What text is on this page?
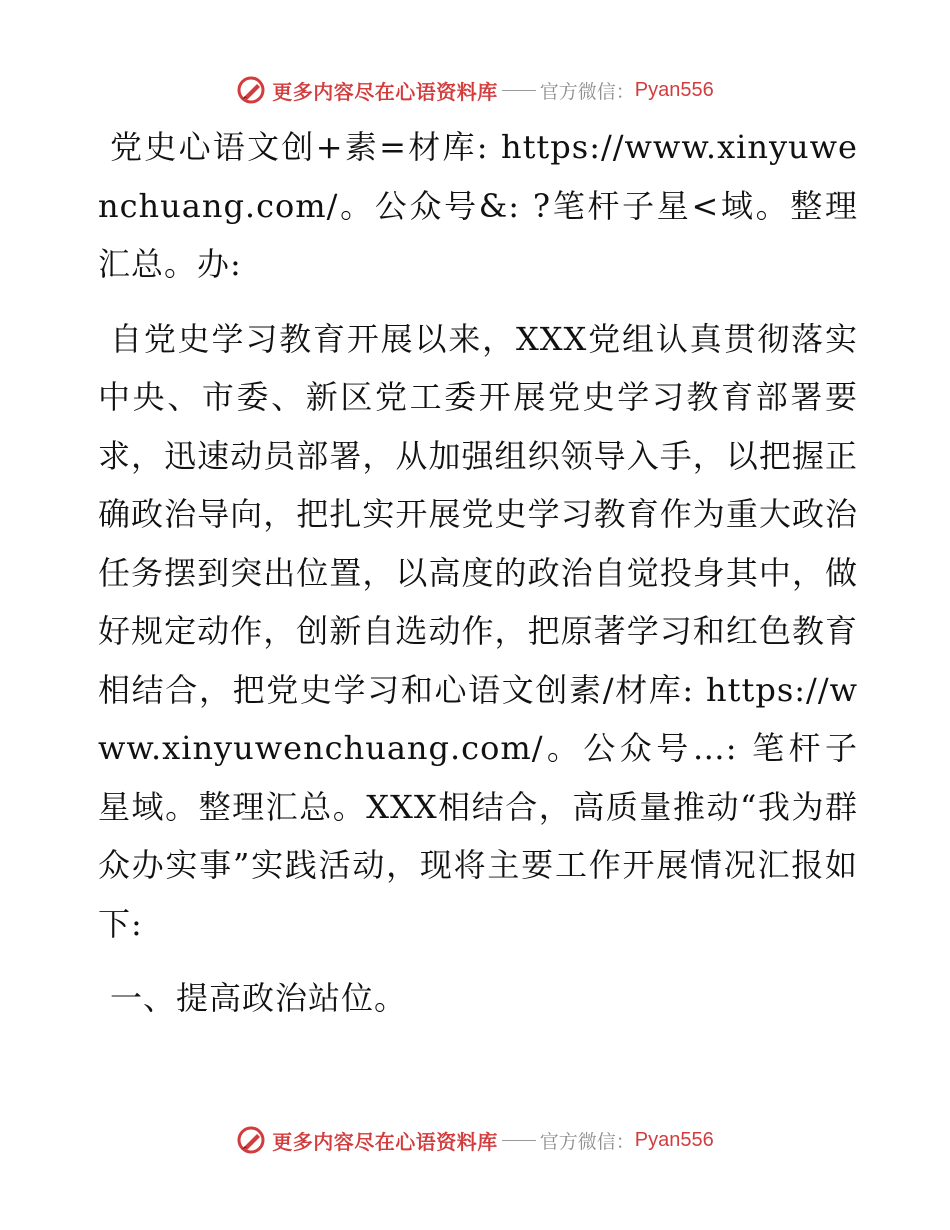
更多内容尽在心语资料库 官方微信： Pyan556

党史心语文创+素=材库: https://www.xinyuwenchuang.com/。公众号&: ?笔杆子星<域。整理汇总。办:

自党史学习教育开展以来，XXX党组认真贯彻落实中央、市委、新区党工委开展党史学习教育部署要求，迅速动员部署，从加强组织领导入手，以把握正确政治导向，把扎实开展党史学习教育作为重大政治任务摆到突出位置，以高度的政治自觉投身其中，做好规定动作，创新自选动作，把原著学习和红色教育相结合，把党史学习和心语文创素/材库: https://www.xinyuwenchuang.com/。公众号…: 笔杆子星域。整理汇总。XXX相结合，高质量推动“我为群众办实事”实践活动，现将主要工作开展情况汇报如下:

一、提高政治站位。

更多内容尽在心语资料库 官方微信： Pyan556
